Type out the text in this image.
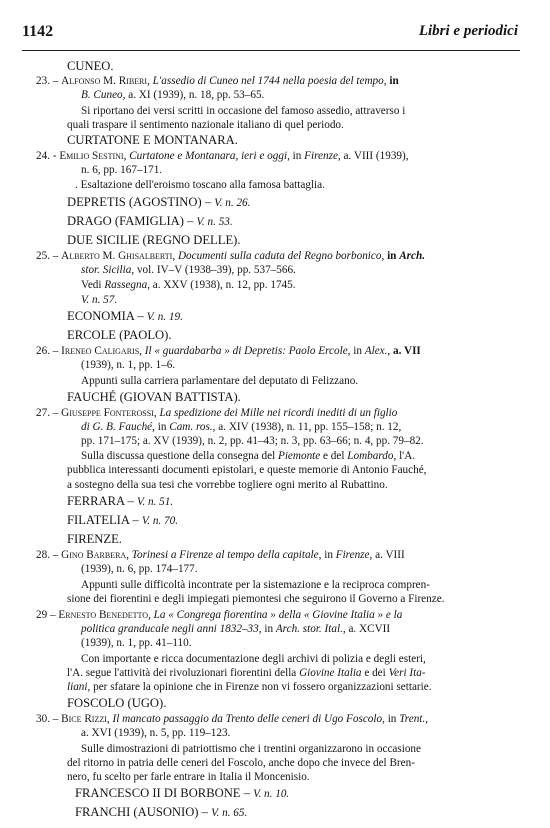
1142	Libri e periodici
CUNEO.
23. – Alfonso M. Riberi, L'assedio di Cuneo nel 1744 nella poesia del tempo, in
B. Cuneo, a. XI (1939), n. 18, pp. 53–65.
Si riportano dei versi scritti in occasione del famoso assedio, attraverso i
quali traspare il sentimento nazionale italiano di quel periodo.
CURTATONE E MONTANARA.
24. - Emilio Sestini, Curtatone e Montanara, ieri e oggi, in Firenze, a. VIII (1939),
n. 6, pp. 167–171.
. Esaltazione dell'eroismo toscano alla famosa battaglia.
DEPRETIS (AGOSTINO) – V. n. 26.
DRAGO (FAMIGLIA) – V. n. 53.
DUE SICILIE (REGNO DELLE).
25. – Alberto M. Ghisalberti, Documenti sulla caduta del Regno borbonico, in Arch.
stor. Sicilia, vol. IV–V (1938–39), pp. 537–566.
Vedi Rassegna, a. XXV (1938), n. 12, pp. 1745.
V. n. 57.
ECONOMIA – V. n. 19.
ERCOLE (PAOLO).
26. – Ireneo Caligaris, Il « guardabarba » di Depretis: Paolo Ercole, in Alex., a. VII
(1939), n. 1, pp. 1–6.
Appunti sulla carriera parlamentare del deputato di Felizzano.
FAUCHÉ (GIOVAN BATTISTA).
27. – Giuseppe Fonterossi, La spedizione dei Mille nei ricordi inediti di un figlio
di G. B. Fauché, in Cam. ros., a. XIV (1938), n. 11, pp. 155–158; n. 12,
pp. 171–175; a. XV (1939), n. 2, pp. 41–43; n. 3, pp. 63–66; n. 4, pp. 79–82.
Sulla discussa questione della consegna del Piemonte e del Lombardo, l'A.
pubblica interessanti documenti epistolari, e queste memorie di Antonio Fauché,
a sostegno della sua tesi che vorrebbe togliere ogni merito al Rubattino.
FERRARA – V. n. 51.
FILATELIA – V. n. 70.
FIRENZE.
28. – Gino Barbera, Torinesi a Firenze al tempo della capitale, in Firenze, a. VIII
(1939), n. 6, pp. 174–177.
Appunti sulle difficoltà incontrate per la sistemazione e la reciproca compren-
sione dei fiorentini e degli impiegati piemontesi che seguirono il Governo a Firenze.
29 – Ernesto Benedetto, La « Congrega fiorentina » della « Giovine Italia » e la
politica granducale negli anni 1832–33, in Arch. stor. Ital., a. XCVII
(1939), n. 1, pp. 41–110.
Con importante e ricca documentazione degli archivi di polizia e degli esteri,
l'A. segue l'attività dei rivoluzionari fiorentini della Giovine Italia e dei Veri Ita-
liani, per sfatare la opinione che in Firenze non vi fossero organizzazioni settarie.
FOSCOLO (UGO).
30. – Bice Rizzi, Il mancato passaggio da Trento delle ceneri di Ugo Foscolo, in Trent.,
a. XVI (1939), n. 5, pp. 119–123.
Sulle dimostrazioni di patriottismo che i trentini organizzarono in occasione
del ritorno in patria delle ceneri del Foscolo, anche dopo che invece del Bren-
nero, fu scelto per farle entrare in Italia il Moncenisio.
FRANCESCO II DI BORBONE – V. n. 10.
FRANCHI (AUSONIO) – V. n. 65.
